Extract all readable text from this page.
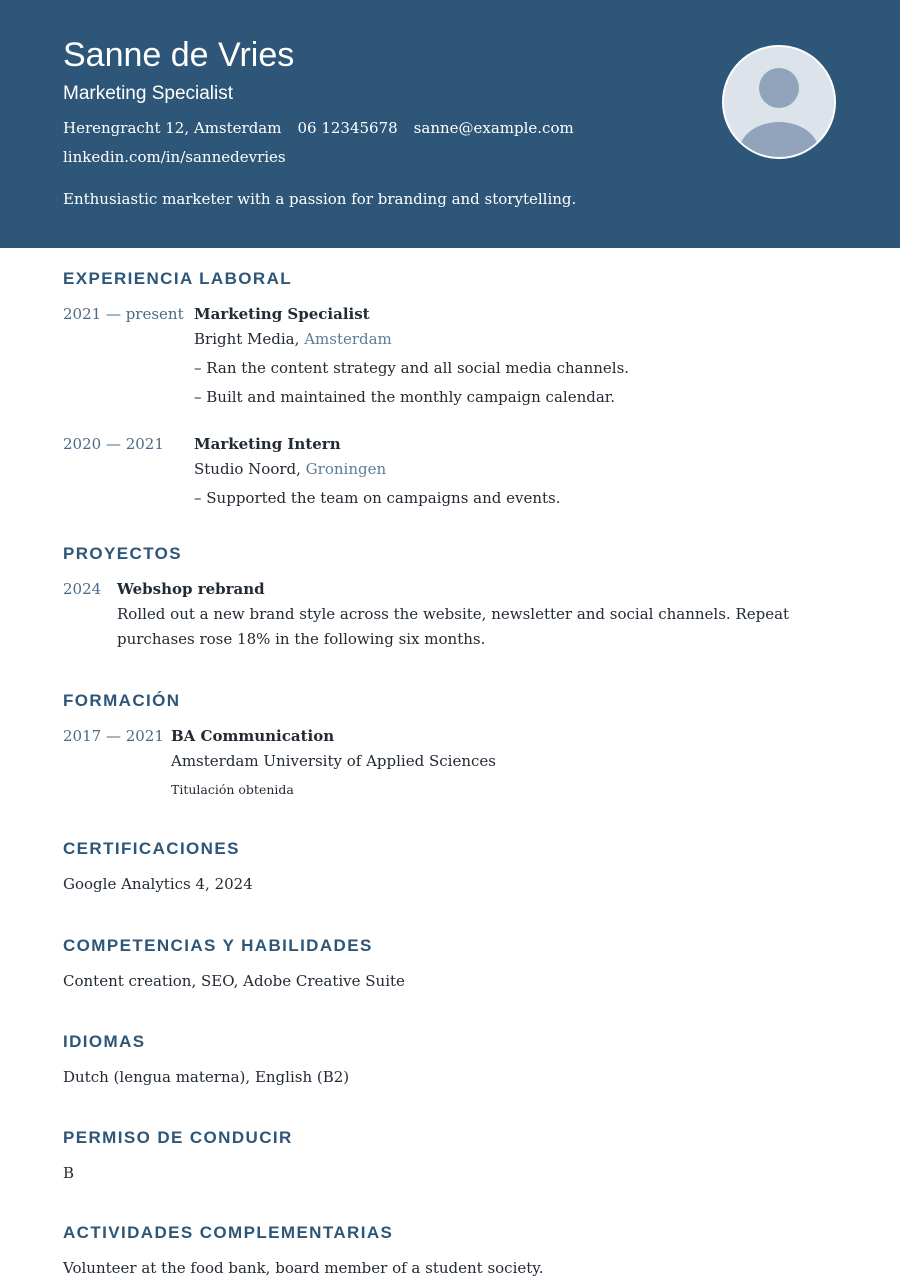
Sanne de Vries
Marketing Specialist
Herengracht 12, Amsterdam 06 12345678 sanne@example.com
linkedin.com/in/sannedevries
Enthusiastic marketer with a passion for branding and storytelling.
EXPERIENCIA LABORAL
2021 — present Marketing Specialist
Bright Media, Amsterdam
– Ran the content strategy and all social media channels.
– Built and maintained the monthly campaign calendar.
2020 — 2021	Marketing Intern
Studio Noord, Groningen
– Supported the team on campaigns and events.
PROYECTOS
2024	Webshop rebrand
Rolled out a new brand style across the website, newsletter and social channels. Repeat purchases rose 18% in the following six months.
FORMACIÓN
2017 — 2021 BA Communication
Amsterdam University of Applied Sciences
Titulación obtenida
CERTIFICACIONES
Google Analytics 4, 2024
COMPETENCIAS Y HABILIDADES
Content creation, SEO, Adobe Creative Suite
IDIOMAS
Dutch (lengua materna), English (B2)
PERMISO DE CONDUCIR
B
ACTIVIDADES COMPLEMENTARIAS
Volunteer at the food bank, board member of a student society.
